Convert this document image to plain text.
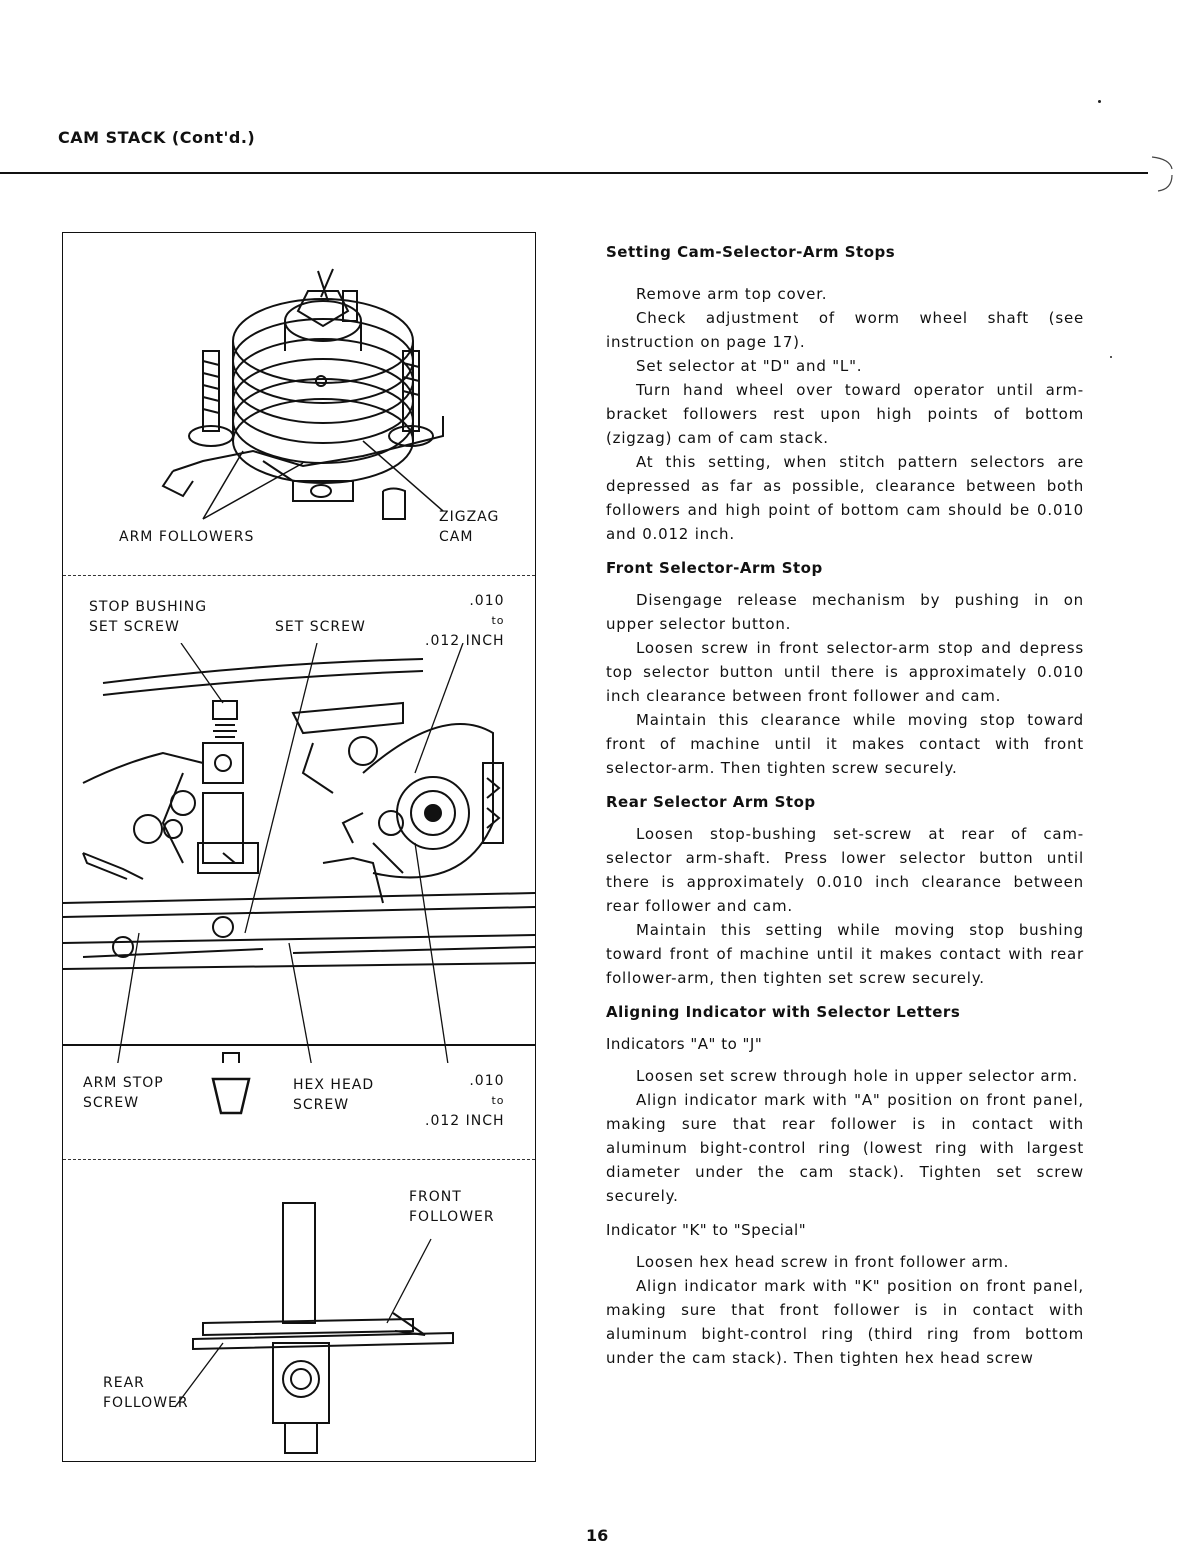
CAM STACK (Cont'd.)
ARM FOLLOWERS
ZIGZAG
CAM
STOP BUSHING
SET SCREW	SET SCREW
.010
to
.012 INCH
ARM STOP
SCREW
HEX HEAD
SCREW
.010
to
.012 INCH
FRONT
FOLLOWER
REAR
FOLLOWER
Setting Cam-Selector-Arm Stops

Remove arm top cover.

Check adjustment of worm wheel shaft (see instruction on page 17).

Set selector at "D" and "L".

Turn hand wheel over toward operator until arm-bracket followers rest upon high points of bottom (zigzag) cam of cam stack.

At this setting, when stitch pattern selectors are depressed as far as possible, clearance between both followers and high point of bottom cam should be 0.010 and 0.012 inch.

Front Selector-Arm Stop

Disengage release mechanism by pushing in on upper selector button.

Loosen screw in front selector-arm stop and depress top selector button until there is approximately 0.010 inch clearance between front follower and cam.

Maintain this clearance while moving stop toward front of machine until it makes contact with front selector-arm. Then tighten screw securely.

Rear Selector Arm Stop

Loosen stop-bushing set-screw at rear of cam-selector arm-shaft. Press lower selector button until there is approximately 0.010 inch clearance between rear follower and cam.

Maintain this setting while moving stop bushing toward front of machine until it makes contact with rear follower-arm, then tighten set screw securely.

Aligning Indicator with Selector Letters
Indicators "A" to "J"

Loosen set screw through hole in upper selector arm.

Align indicator mark with "A" position on front panel, making sure that rear follower is in contact with aluminum bight-control ring (lowest ring with largest diameter under the cam stack). Tighten set screw securely.

Indicator "K" to "Special"

Loosen hex head screw in front follower arm.

Align indicator mark with "K" position on front panel, making sure that front follower is in contact with aluminum bight-control ring (third ring from bottom under the cam stack). Then tighten hex head screw

16
